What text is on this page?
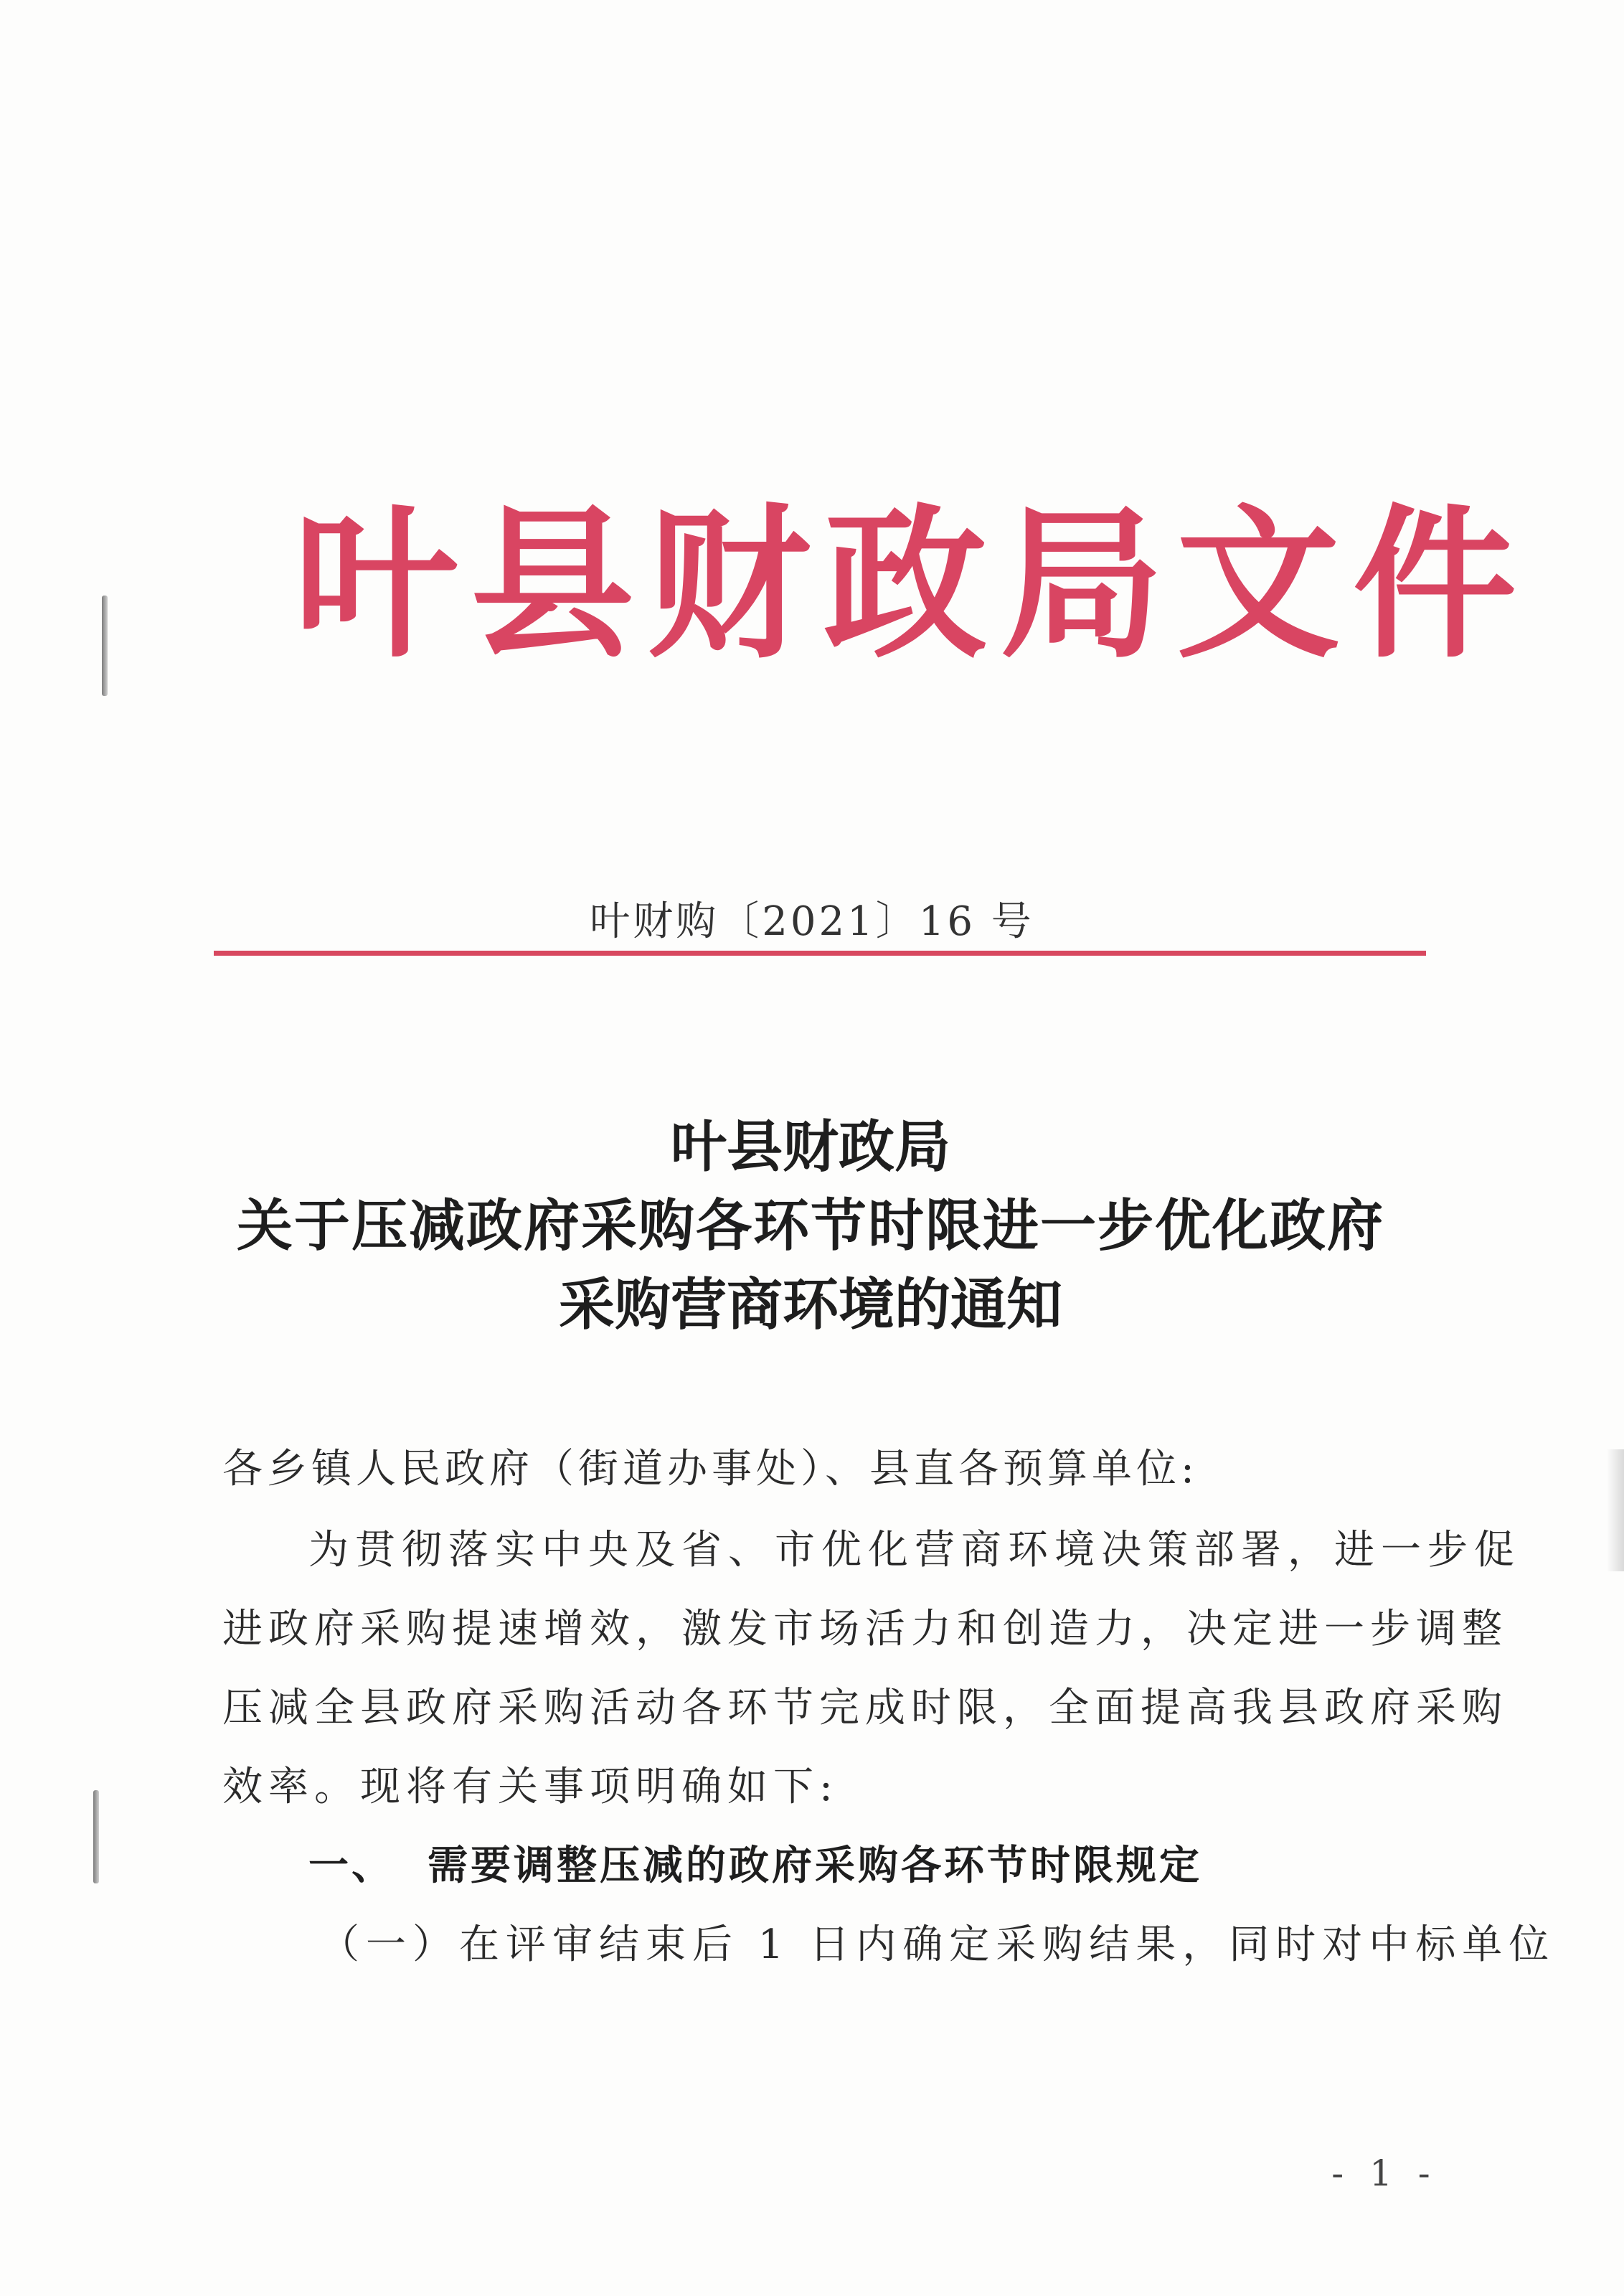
叶县财政局文件
叶财购〔2021〕16 号
叶县财政局
关于压减政府采购各环节时限进一步优化政府
采购营商环境的通知
各乡镇人民政府（街道办事处）、县直各预算单位:
为贯彻落实中央及省、市优化营商环境决策部署，进一步促
进政府采购提速增效，激发市场活力和创造力，决定进一步调整
压减全县政府采购活动各环节完成时限，全面提高我县政府采购
效率。现将有关事项明确如下:
一、 需要调整压减的政府采购各环节时限规定
（一）在评审结束后 1 日内确定采购结果，同时对中标单位
- 1 -
